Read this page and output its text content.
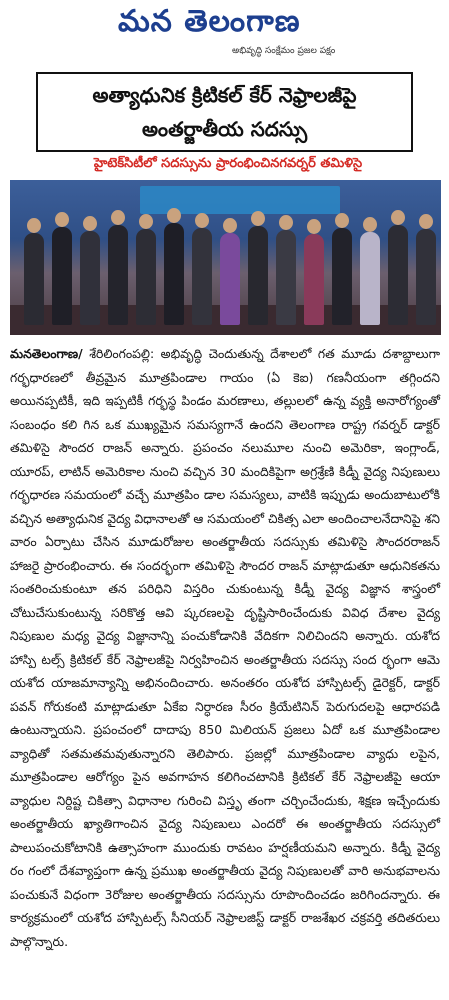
మన తెలంగాణ
అభివృద్ధి సంక్షేమం ప్రజల పక్షం
అత్యాధునిక క్రిటికల్ కేర్ నెఫ్రాలజీపై అంతర్జాతీయ సదస్సు
హైటెక్‌సిటీలో సదస్సును ప్రారంభించినగవర్నర్ తమిళిసై

మనతెలంగాణ/ శేరిలింగంపల్లి: అభివృద్ధి చెందుతున్న దేశాలలో గత మూడు దశాబ్దాలుగా గర్భధారణలో తీవ్రమైన మూత్రపిండాల గాయం (ఏ కెఐ) గణనీయంగా తగ్గిందని అయినప్పటికీ, ఇది ఇప్పటికీ గర్భస్థ పిండం మరణాలు, తల్లులలో ఉన్న వ్యక్తి అనారోగ్యంతో సంబంధం కలి గిన ఒక ముఖ్యమైన సమస్యగానే ఉందని తెలంగాణ రాష్ట్ర గవర్నర్ డాక్టర్ తమిళిసై సౌందర రాజన్ అన్నారు. ప్రపంచం నలుమూల నుంచి అమెరికా, ఇంగ్లాండ్, యూరప్, లాటిన్ అమెరికాల నుంచి వచ్చిన 30 మందికిపైగా అగ్రశ్రేణి కిడ్నీ వైద్య నిపుణులు గర్భధారణ సమయంలో వచ్చే మూత్రపిం డాల సమస్యలు, వాటికి ఇప్పుడు అందుబాటులోకి వచ్చిన అత్యాధునిక వైద్య విధానాలతో ఆ సమయంలో చికిత్స ఎలా అందించాలనేదానిపై శని వారం ఏర్పాటు చేసిన మూడురోజుల అంతర్జాతీయ సదస్సుకు తమిళిసై సౌందరరాజన్ హాజరై ప్రారంభించారు. ఈ సందర్భంగా తమిళిసై సౌందర రాజన్ మాట్లాడుతూ ఆధునికతను సంతరించుకుంటూ తన పరిధిని విస్తరిం చుకుంటున్న కిడ్నీ వైద్య విజ్ఞాన శాస్త్రంలో చోటుచేసుకుంటున్న సరికొత్త ఆవి ష్కరణలపై దృష్టిసారించేందుకు వివిధ దేశాల వైద్య నిపుణుల మధ్య వైద్య విజ్ఞానాన్ని పంచుకోడానికి వేదికగా నిలిచిందని అన్నారు. యశోద హాస్పి టల్స్ క్రిటికల్ కేర్ నెఫ్రాలజీపై నిర్వహించిన అంతర్జాతీయ సదస్సు సంద ర్భంగా ఆమె యశోద యాజమాన్యాన్ని అభినందించారు. అనంతరం యశోద హాస్పిటల్స్ డైరెక్టర్, డాక్టర్ పవన్ గోరుకంటి మాట్లాడుతూ ఏకేఐ నిర్ధారణ సీరం క్రియేటినిన్ పెరుగుదలపై ఆధారపడి ఉంటున్నాయని. ప్రపంచంలో దాదాపు 850 మిలియన్ ప్రజలు ఏదో ఒక మూత్రపిండాల వ్యాధితో సతమతమవుతున్నారని తెలిపారు. ప్రజల్లో మూత్రపిండాల వ్యాధు లపైన, మూత్రపిండాల ఆరోగ్యం పైన అవగాహన కలిగించటానికి క్రిటికల్ కేర్ నెఫ్రాలజీపై ఆయా వ్యాధుల నిర్దిష్ట చికిత్సా విధానాల గురించి విస్తృ తంగా చర్చించేందుకు, శిక్షణ ఇచ్చేందుకు అంతర్జాతీయ ఖ్యాతిగాంచిన వైద్య నిపుణులు ఎందరో ఈ అంతర్జాతీయ సదస్సులో పాలుపంచుకోటానికి ఉత్సాహంగా ముందుకు రావటం హర్షణీయమని అన్నారు. కిడ్నీ వైద్య రం గంలో దేశవ్యాప్తంగా ఉన్న ప్రముఖ అంతర్జాతీయ వైద్య నిపుణులతో వారి అనుభవాలను పంచుకునే విధంగా 3రోజుల అంతర్జాతీయ సదస్సును రూపొందించడం జరిగిందన్నారు. ఈ కార్యక్రమంలో యశోద హాస్పిటల్స్ సీనియర్ నెఫ్రాలజిస్ట్ డాక్టర్ రాజశేఖర చక్రవర్తి తదితరులు పాల్గొన్నారు.
